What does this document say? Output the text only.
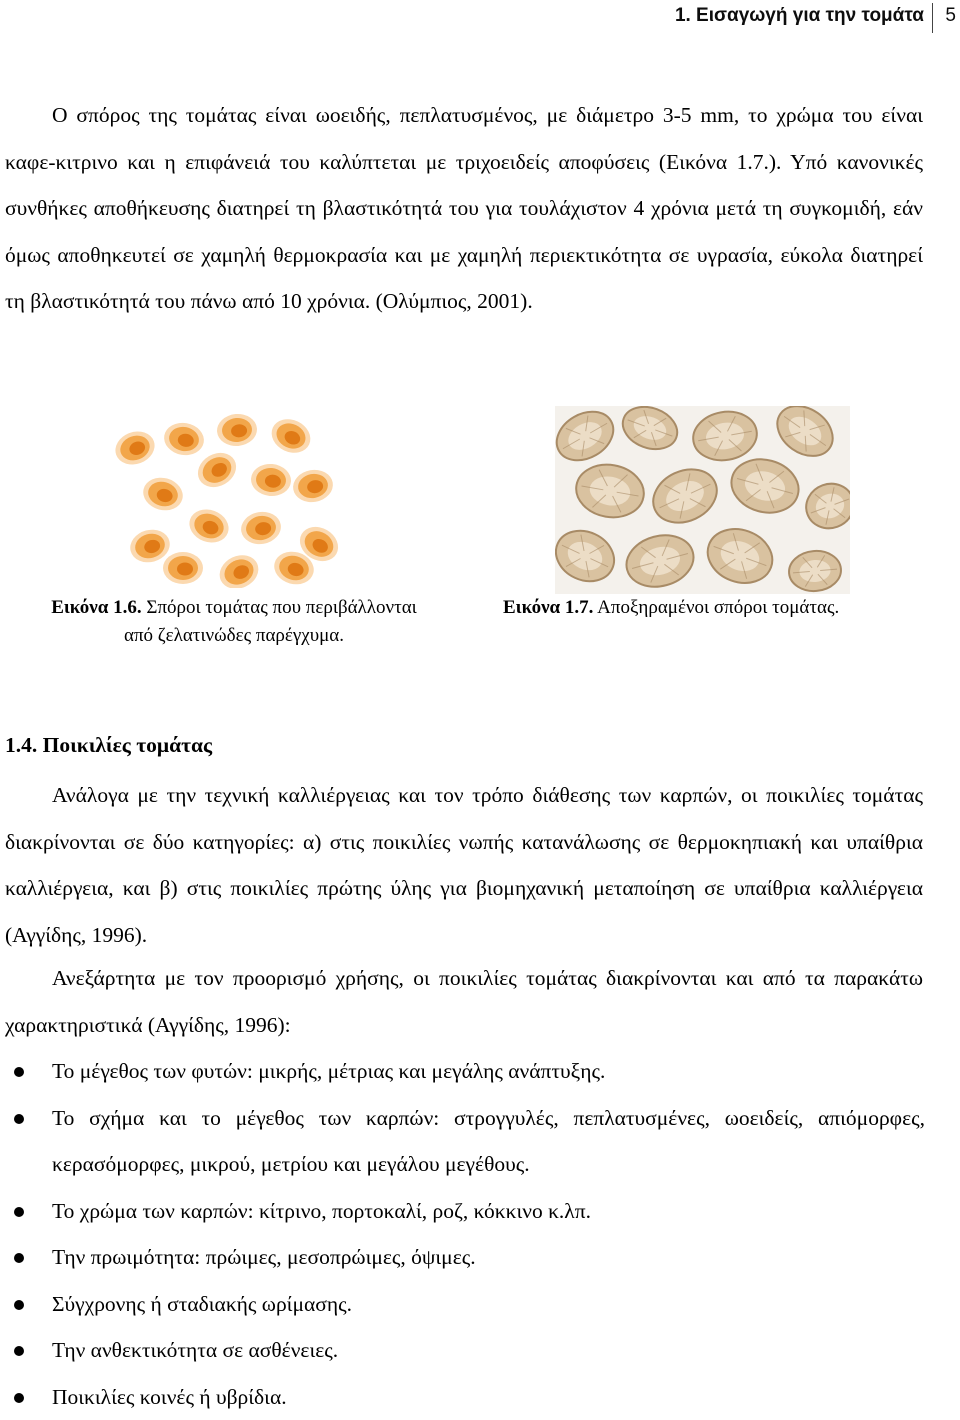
1. Εισαγωγή για την τομάτα 5

Ο σπόρος της τομάτας είναι ωοειδής, πεπλατυσμένος, με διάμετρο 3-5 mm, το χρώμα του είναι καφε-κιτρινο και η επιφάνειά του καλύπτεται με τριχοειδείς αποφύσεις (Εικόνα 1.7.). Υπό κανονικές συνθήκες αποθήκευσης διατηρεί τη βλαστικότητά του για τουλάχιστον 4 χρόνια μετά τη συγκομιδή, εάν όμως αποθηκευτεί σε χαμηλή θερμοκρασία και με χαμηλή περιεκτικότητα σε υγρασία, εύκολα διατηρεί τη βλαστικότητά του πάνω από 10 χρόνια. (Ολύμπιος, 2001).

Εικόνα 1.6. Σπόροι τομάτας που περιβάλλονται
από ζελατινώδες παρέγχυμα.
Εικόνα 1.7. Αποξηραμένοι σπόροι τομάτας.
1.4. Ποικιλίες τομάτας

Ανάλογα με την τεχνική καλλιέργειας και τον τρόπο διάθεσης των καρπών, οι ποικιλίες τομάτας διακρίνονται σε δύο κατηγορίες: α) στις ποικιλίες νωπής κατανάλωσης σε θερμοκηπιακή και υπαίθρια καλλιέργεια, και β) στις ποικιλίες πρώτης ύλης για βιομηχανική μεταποίηση σε υπαίθρια καλλιέργεια (Αγγίδης, 1996).

Ανεξάρτητα με τον προορισμό χρήσης, οι ποικιλίες τομάτας διακρίνονται και από τα παρακάτω χαρακτηριστικά (Αγγίδης, 1996):

Το μέγεθος των φυτών: μικρής, μέτριας και μεγάλης ανάπτυξης.
Το σχήμα και το μέγεθος των καρπών: στρογγυλές, πεπλατυσμένες, ωοειδείς, απιόμορφες, κερασόμορφες, μικρού, μετρίου και μεγάλου μεγέθους.
Το χρώμα των καρπών: κίτρινο, πορτοκαλί, ροζ, κόκκινο κ.λπ.
Την πρωιμότητα: πρώιμες, μεσοπρώιμες, όψιμες.
Σύγχρονης ή σταδιακής ωρίμασης.
Την ανθεκτικότητα σε ασθένειες.
Ποικιλίες κοινές ή υβρίδια.
